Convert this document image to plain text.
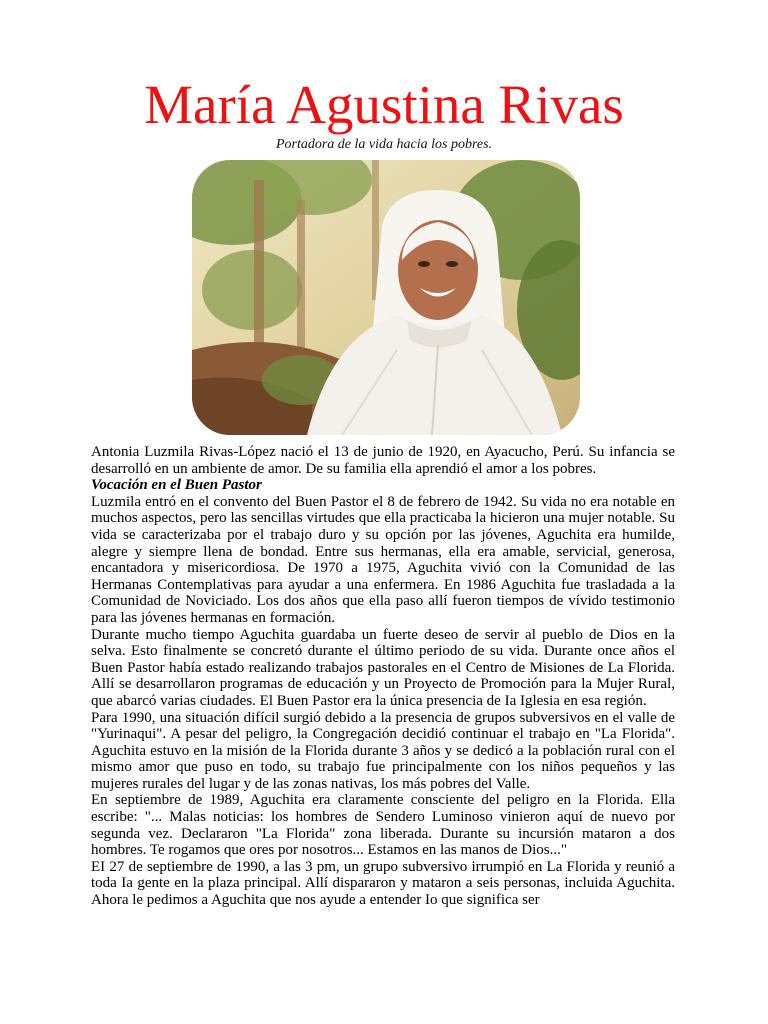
María Agustina Rivas
Portadora de la vida hacia los pobres.

Antonia Luzmila Rivas-López nació el 13 de junio de 1920, en Ayacucho, Perú. Su infancia se desarrolló en un ambiente de amor. De su familia ella aprendió el amor a los pobres.

Vocación en el Buen Pastor

Luzmila entró en el convento del Buen Pastor el 8 de febrero de 1942. Su vida no era notable en muchos aspectos, pero las sencillas virtudes que ella practicaba la hicieron una mujer notable. Su vida se caracterizaba por el trabajo duro y su opción por las jóvenes, Aguchita era humilde, alegre y siempre llena de bondad. Entre sus hermanas, ella era amable, servicial, generosa, encantadora y misericordiosa. De 1970 a 1975, Aguchita vivió con la Comunidad de las Hermanas Contemplativas para ayudar a una enfermera. En 1986 Aguchita fue trasladada a la Comunidad de Noviciado. Los dos años que ella paso allí fueron tiempos de vívido testimonio para las jóvenes hermanas en formación.

Durante mucho tiempo Aguchita guardaba un fuerte deseo de servir al pueblo de Dios en la selva. Esto finalmente se concretó durante el último periodo de su vida. Durante once años el Buen Pastor había estado realizando trabajos pastorales en el Centro de Misiones de La Florida. Allí se desarrollaron programas de educación y un Proyecto de Promoción para la Mujer Rural, que abarcó varias ciudades. El Buen Pastor era la única presencia de Ia Iglesia en esa región.

Para 1990, una situación difícil surgió debido a la presencia de grupos subversivos en el valle de "Yurinaqui". A pesar del peligro, la Congregación decidió continuar el trabajo en "La Florida". Aguchita estuvo en la misión de la Florida durante 3 años y se dedicó a la población rural con el mismo amor que puso en todo, su trabajo fue principalmente con los niños pequeños y las mujeres rurales del lugar y de las zonas nativas, los más pobres del Valle.

En septiembre de 1989, Aguchita era claramente consciente del peligro en la Florida. Ella escribe: "... Malas noticias: los hombres de Sendero Luminoso vinieron aquí de nuevo por segunda vez. Declararon "La Florida" zona liberada. Durante su incursión mataron a dos hombres. Te rogamos que ores por nosotros... Estamos en las manos de Dios..."

EI 27 de septiembre de 1990, a las 3 pm, un grupo subversivo irrumpió en La Florida y reunió a toda Ia gente en la plaza principal. Allí dispararon y mataron a seis personas, incluida Aguchita. Ahora le pedimos a Aguchita que nos ayude a entender Io que significa ser
